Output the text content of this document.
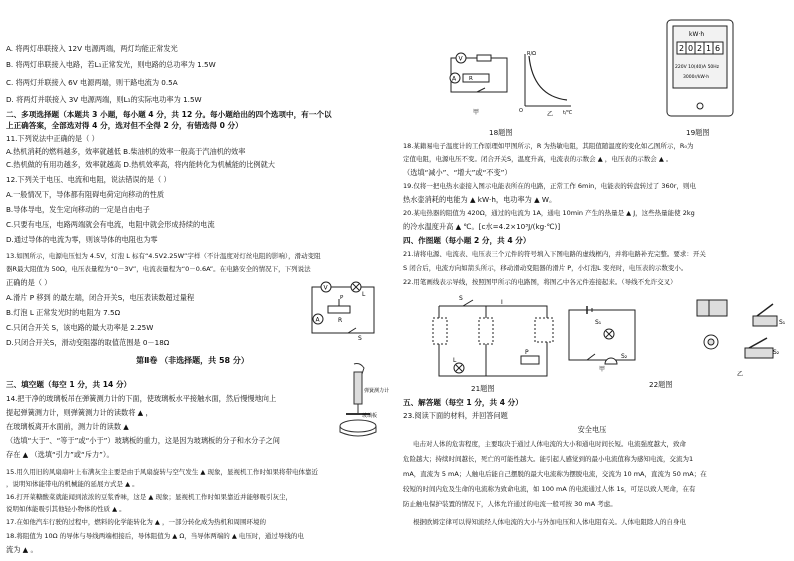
A. 将两灯串联接入 12V 电源两端，两灯均能正常发光
B. 将两灯串联接入电路，若L₁正常发光，则电路的总功率为 1.5W
C. 将两灯并联接入 6V 电源两端，则干路电流为 0.5A
D. 将两灯并联接入 3V 电源两端，则L₁的实际电功率为 1.5W
二、多项选择题（本题共 3 小题，每小题 4 分，共 12 分。每小题给出的四个选项中，有一个以
上正确答案，全部选对得 4 分，选对但不全得 2 分，有错选得 0 分）
11.下列说法中正确的是（ ）
A.热机消耗的燃料越多，效率就越低 B.柴油机的效率一般高于汽油机的效率
C.热机做的有用功越多，效率就越高 D.热机效率高，将内能转化为机械能的比例就大
12.下列关于电压、电流和电阻，说法错误的是（ ）
A.一般情况下，导体都有阻碍电荷定向移动的性质
B.导体导电，发生定向移动的一定是自由电子
C.只要有电压，电路两端就会有电流，电阻中就会形成持续的电流
D.通过导体的电流为零，则该导体的电阻也为零
13.如图所示，电源电压恒为 4.5V，灯泡 L 标有“4.5V2.25W”字样（不计温度对灯丝电阻的影响），滑动变阻
器R最大阻值为 50Ω，电压表量程为“0－3V”，电流表量程为“0－0.6A”。在电路安全的情况下，下列说法
正确的是（ ）
A.滑片 P 移到 的最左端，闭合开关S，电压表读数超过量程
B.灯泡 L 正常发光时的电阻为 7.5Ω
C.只闭合开关 S，该电路的最大功率是 2.25W
D.只闭合开关S，滑动变阻器的取值范围是 0－18Ω
V
A
L
P
R
S
第Ⅱ卷 （非选择题，共 58 分）
三、填空题（每空 1 分，共 14 分）
14.把干净的玻璃板吊在弹簧测力计的下面，使玻璃板水平接触水面，然后慢慢地向上
提起弹簧测力计，则弹簧测力计的读数将 ▲ ，
在玻璃板离开水面前，测力计的读数 ▲
（选填“大于”、“等于”或“小于”）玻璃板的重力，这是因为玻璃板的分子和水分子之间
存在 ▲ （选填“引力”或“斥力”）。
15.用久用旧的风扇扇叶上布满灰尘主要是由于风扇旋转与空气发生 ▲ 现象，显视机工作时如果将带电体靠近
，说明知体能带电的机械能的延展方式是 ▲ 。
16.打开菜糖酸菜就能闻到浓浓的豆浆香味，这是 ▲ 现象；显视机工作时如果靠近并能够吸引灰尘，
说明如体能吸引其他轻小物体的性质 ▲ 。
17.在如他汽车行驶的过程中，燃料的化学能转化为 ▲ ，一部分转化成为热机和周围环境的
18.将阻值为 10Ω 的导体与导线两端相接后，导体阻值为 ▲ Ω，当导体两端的 ▲ 电压时，通过导线的电
流为 ▲ 。
弹簧测力计
玻璃板
V
A R
甲	乙
R/Ω
t/℃
O
18题图
kW·h
2 0 2 1 6
220V 10(40)A 50Hz
3000r/kW·h
19题图
18.某籍易电子温度计的工作原理如甲图所示，R 为热敏电阻，其阻值随温度的变化如乙图所示，R₀为
定值电阻，电源电压不变。闭合开关S，温度升高，电流表的示数会 ▲ ，电压表的示数会 ▲ 。
（选填“减小”、“增大”或“不变”）
19.仅将一把电热水壶接入图示电能表所在的电路，正常工作 6min，电能表的转盘转过了 360r，则电
热水壶消耗的电能为 ▲ kW·h，电功率为 ▲ W。
20.某电热器的阻值为 420Ω，通过的电流为 1A，通电 10min 产生的热量是 ▲ J，这些热量能使 2kg
的冷水温度升高 ▲ ℃。[c水=4.2×10³J/(kg·℃)]
四、作图题（每小题 2 分，共 4 分）
21.请将电源、电流表、电压表三个元件的符号填入下图电路的虚线框内，并将电路补充完整。要求：开关
S 闭合后，电流方向如箭头所示，移动滑动变阻器的滑片 P，小灯泡L 变亮时，电压表的示数变小。
22.用笔画线表示导线，按照图甲所示的电路图，将图乙中各元件连接起来。（导线不允许交叉）
S
I
L
P
21题图
S₁
S₂
甲
S₁
S₂
乙
22题图
五、解答题（每空 1 分，共 4 分）
23.阅读下面的材料，并回答问题
安全电压
电击对人体的危害程度，主要取决于通过人体电流的大小和通电时间长短。电流强度越大，致命
危险越大；持续时间越长，死亡的可能性越大。能引起人感觉到的最小电流值称为感知电流，交流为1
mA，直流为 5 mA；人触电后能自己摆脱的最大电流称为摆脱电流，交流为 10 mA，直流为 50 mA；在
较短的时间内危及生命的电流称为致命电流，如 100 mA 的电流通过人体 1s，可足以致人死命，在有
防止触电保护装置的情况下，人体允许通过的电流一般可按 30 mA 考虑。
根据欧姆定律可以得知流经人体电流的大小与外加电压和人体电阻有关。人体电阻除人的自身电
